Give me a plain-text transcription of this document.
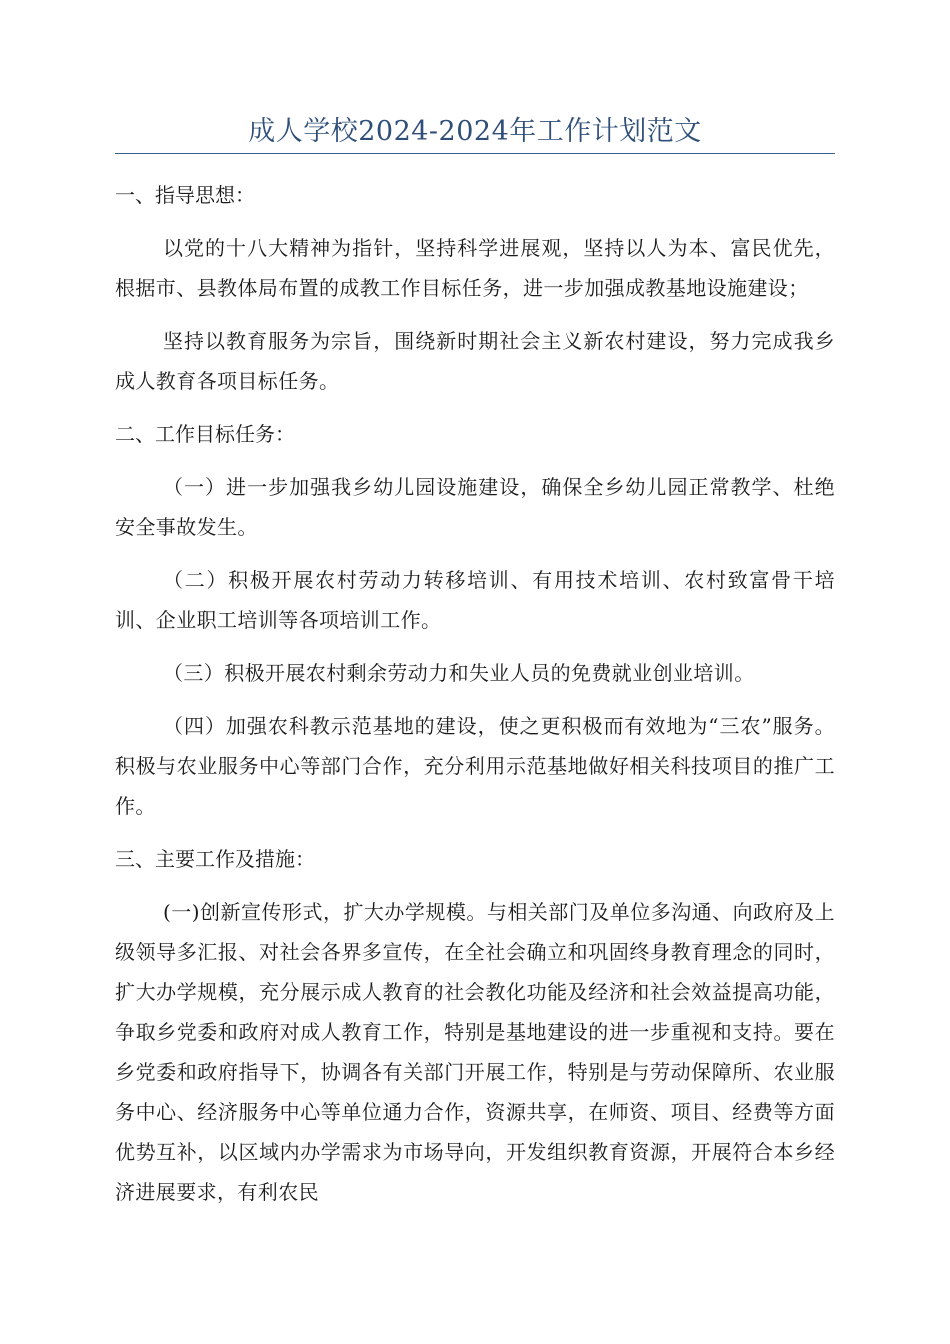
成人学校2024-2024年工作计划范文

一、指导思想：

以党的十八大精神为指针，坚持科学进展观，坚持以人为本、富民优先，根据市、县教体局布置的成教工作目标任务，进一步加强成教基地设施建设；

坚持以教育服务为宗旨，围绕新时期社会主义新农村建设，努力完成我乡成人教育各项目标任务。

二、工作目标任务：

（一）进一步加强我乡幼儿园设施建设，确保全乡幼儿园正常教学、杜绝安全事故发生。

（二）积极开展农村劳动力转移培训、有用技术培训、农村致富骨干培训、企业职工培训等各项培训工作。

（三）积极开展农村剩余劳动力和失业人员的免费就业创业培训。

（四）加强农科教示范基地的建设，使之更积极而有效地为“三农”服务。积极与农业服务中心等部门合作，充分利用示范基地做好相关科技项目的推广工作。

三、主要工作及措施：

(一)创新宣传形式，扩大办学规模。与相关部门及单位多沟通、向政府及上级领导多汇报、对社会各界多宣传，在全社会确立和巩固终身教育理念的同时，扩大办学规模，充分展示成人教育的社会教化功能及经济和社会效益提高功能，争取乡党委和政府对成人教育工作，特别是基地建设的进一步重视和支持。要在乡党委和政府指导下，协调各有关部门开展工作，特别是与劳动保障所、农业服务中心、经济服务中心等单位通力合作，资源共享，在师资、项目、经费等方面优势互补，以区域内办学需求为市场导向，开发组织教育资源，开展符合本乡经济进展要求，有利农民
